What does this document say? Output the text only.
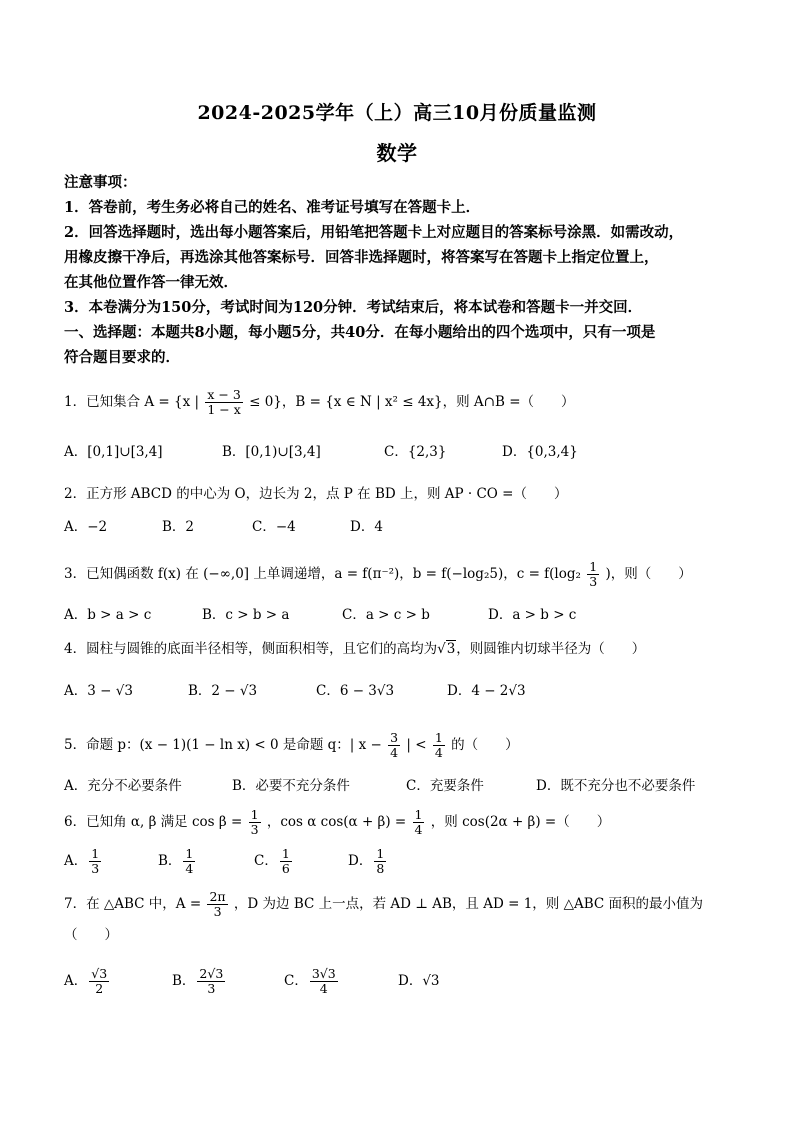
2024-2025学年（上）高三10月份质量监测
数学
注意事项：
1．答卷前，考生务必将自己的姓名、准考证号填写在答题卡上．
2．回答选择题时，选出每小题答案后，用铅笔把答题卡上对应题目的答案标号涂黑．如需改动，
用橡皮擦干净后，再选涂其他答案标号．回答非选择题时，将答案写在答题卡上指定位置上，
在其他位置作答一律无效．
3．本卷满分为150分，考试时间为120分钟．考试结束后，将本试卷和答题卡一并交回．
一、选择题：本题共8小题，每小题5分，共40分．在每小题给出的四个选项中，只有一项是
符合题目要求的．
1．已知集合 A = {x | $\frac{x - 3}{1 - x} \le 0$}，B = {x ∈ N | x² ≤ 4x}，则 A∩B =（　　）
A．[0,1]∪[3,4]	B．[0,1)∪[3,4]	C．{2,3}	D．{0,3,4}
2．正方形 ABCD 的中心为 O，边长为 2，点 P 在 BD 上，则 AP · CO =（　　）
A．−2	B．2	C．−4	D．4
3．已知偶函数 f(x) 在 (−∞,0] 上单调递增，a = f(π⁻²)，b = f(−log₂5)，$c = f(\log_2 \frac{1}{3}$ )，则（　　）
A．b > a > c	B．c > b > a	C．a > c > b	D．a > b > c
4．圆柱与圆锥的底面半径相等，侧面积相等，且它们的高均为√3，则圆锥内切球半径为（　　）
A．3 − √3	B．2 − √3	C．6 − 3√3	D．4 − 2√3
5．命题 p：(x − 1)(1 − ln x) < 0 是命题 q：| $x - \frac{3}{4}$ | < $\frac{1}{4}$ 的（　　）
A．充分不必要条件	B．必要不充分条件	C．充要条件	D．既不充分也不必要条件
6．已知角 α, β 满足 $\cos \beta = \frac{1}{3}$ ，cos α $\cos(\alpha + \beta) = \frac{1}{4}$ ，则 cos(2α + β) =（　　）
A． $\frac{1}{3}$	B． $\frac{1}{4}$	C． $\frac{1}{6}$	D． $\frac{1}{8}$
7．在 △ABC 中，$A = \frac{2\pi}{3}$ ，D 为边 BC 上一点，若 AD ⊥ AB，且 AD = 1，则 △ABC 面积的最小值为
（　　）
A． $\frac{√3}{2}$	B． $\frac{2√3}{3}$	C． $\frac{3√3}{4}$	D．√3
